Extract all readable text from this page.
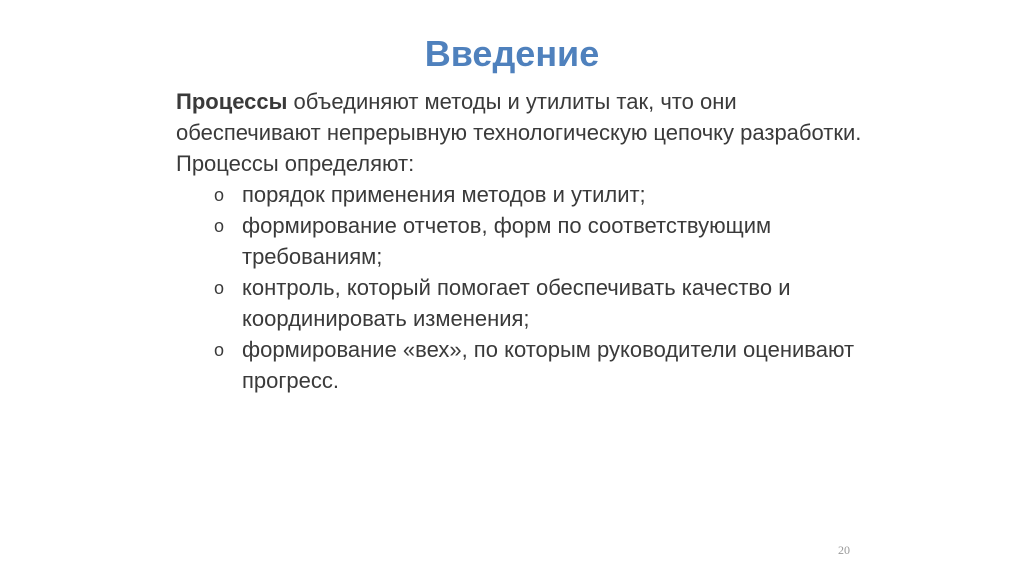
Введение

Процессы объединяют методы и утилиты так, что они обеспечивают непрерывную технологическую цепочку разработки.

Процессы определяют:

o порядок применения методов и утилит;
o формирование отчетов, форм по соответствующим требованиям;
o контроль, который помогает обеспечивать качество и координировать изменения;
o формирование «вех», по которым руководители оценивают прогресс.
20
